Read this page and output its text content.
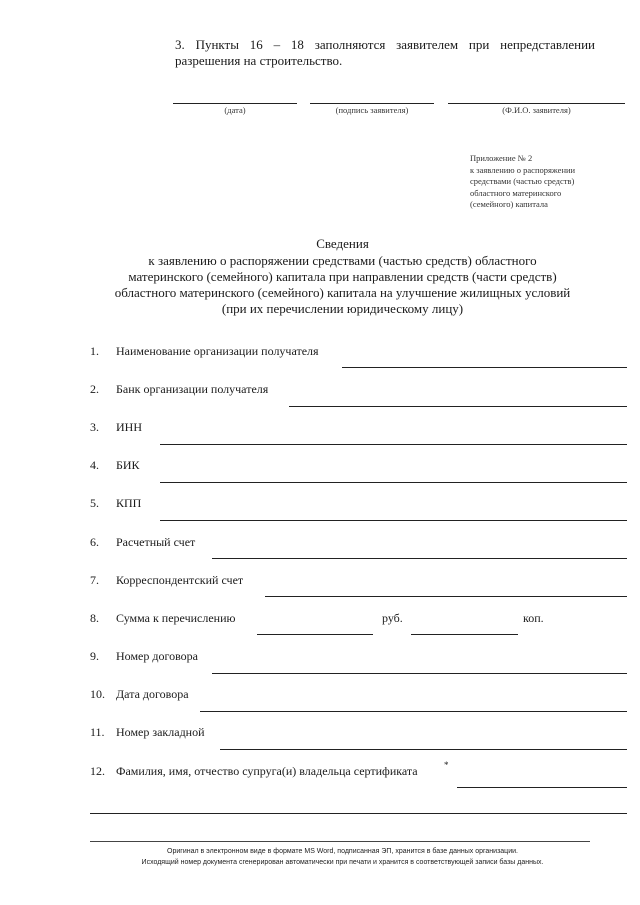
3. Пункты 16 – 18 заполняются заявителем при непредставлении разрешения на строительство.
(дата)	(подпись заявителя)	(Ф.И.О. заявителя)
Приложение № 2
к заявлению о распоряжении
средствами (частью средств)
областного материнского
(семейного) капитала
Сведения
к заявлению о распоряжении средствами (частью средств) областного
материнского (семейного) капитала при направлении средств (части средств)
областного материнского (семейного) капитала на улучшение жилищных условий
(при их перечислении юридическому лицу)
1. Наименование организации получателя
2. Банк организации получателя
3. ИНН
4. БИК
5. КПП
6. Расчетный счет
7. Корреспондентский счет
8. Сумма к перечислению	руб.	коп.
9. Номер договора
10. Дата договора
11. Номер закладной
12. Фамилия, имя, отчество супруга(и) владельца сертификата	*
Оригинал в электронном виде в формате MS Word, подписанная ЭП, хранится в базе данных организации.
Исходящий номер документа сгенерирован автоматически при печати и хранится в соответствующей записи базы данных.
